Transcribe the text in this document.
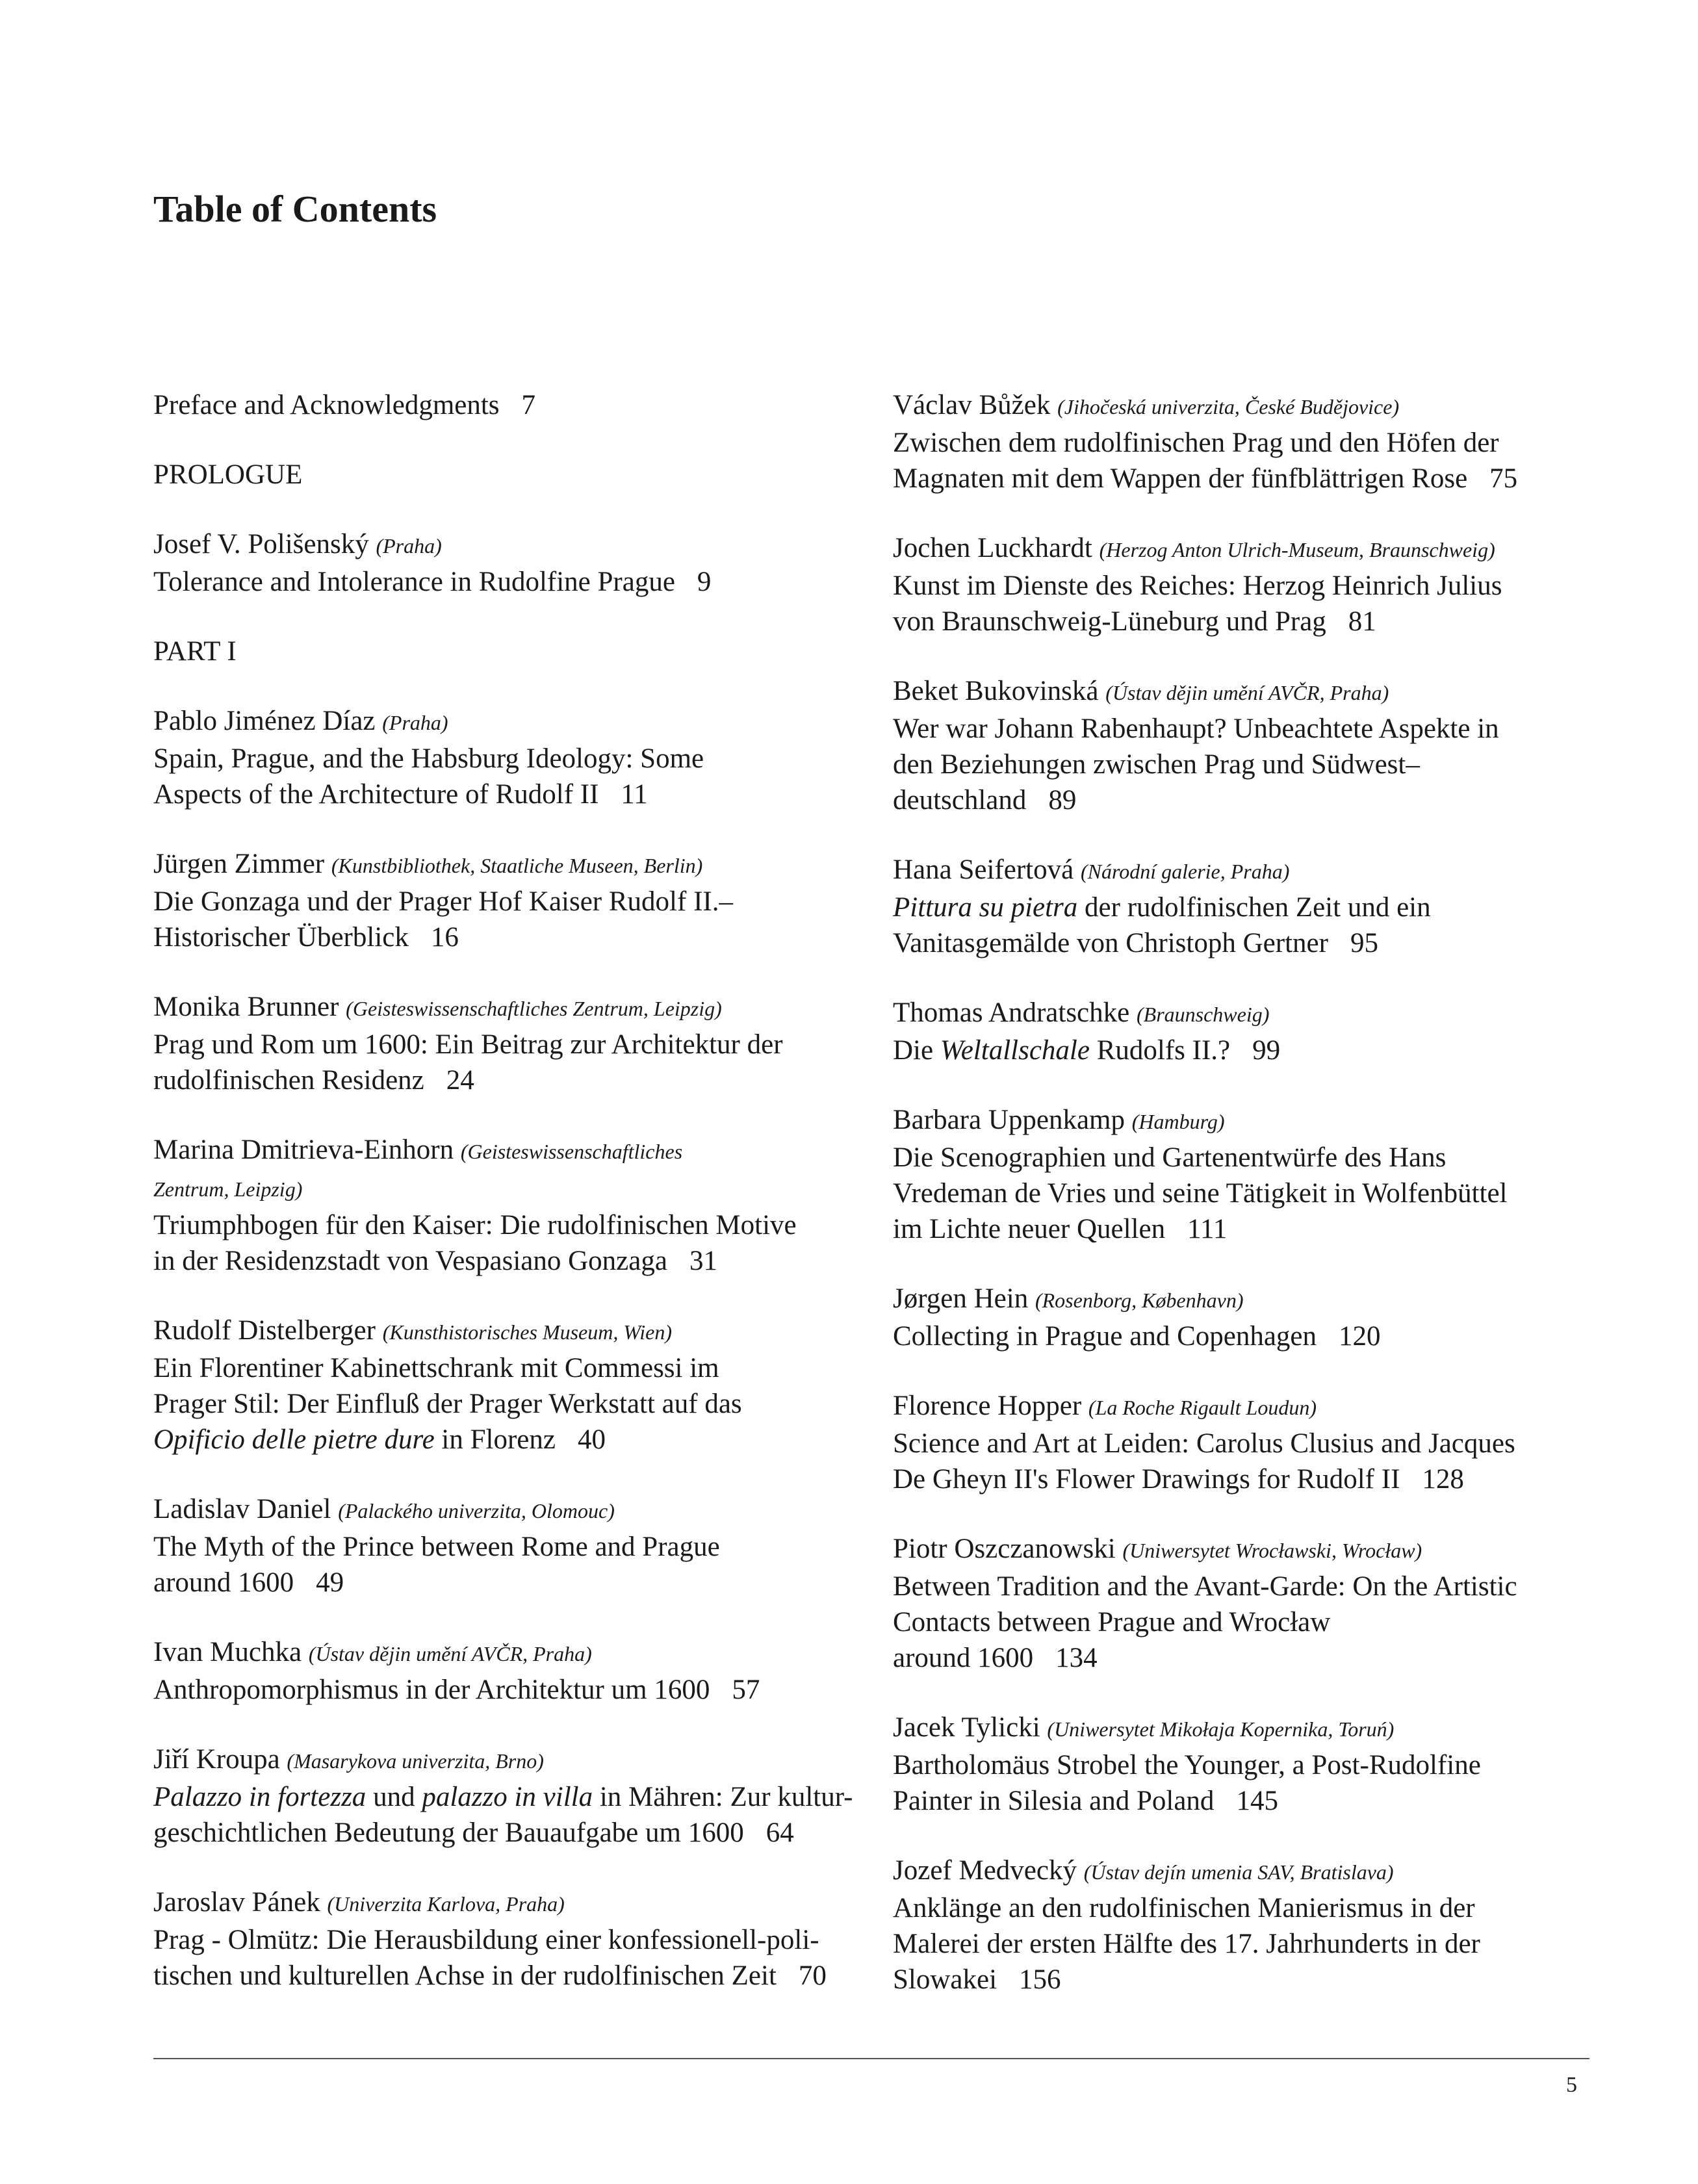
Table of Contents
Preface and Acknowledgments 7
PROLOGUE
Josef V. Polišenský (Praha)
Tolerance and Intolerance in Rudolfine Prague 9
PART I
Pablo Jiménez Díaz (Praha)
Spain, Prague, and the Habsburg Ideology: Some
Aspects of the Architecture of Rudolf II 11
Jürgen Zimmer (Kunstbibliothek, Staatliche Museen, Berlin)
Die Gonzaga und der Prager Hof Kaiser Rudolf II.–
Historischer Überblick 16
Monika Brunner (Geisteswissenschaftliches Zentrum, Leipzig)
Prag und Rom um 1600: Ein Beitrag zur Architektur der
rudolfinischen Residenz 24
Marina Dmitrieva-Einhorn (Geisteswissenschaftliches
Zentrum, Leipzig)
Triumphbogen für den Kaiser: Die rudolfinischen Motive
in der Residenzstadt von Vespasiano Gonzaga 31
Rudolf Distelberger (Kunsthistorisches Museum, Wien)
Ein Florentiner Kabinettschrank mit Commessi im
Prager Stil: Der Einfluß der Prager Werkstatt auf das
Opificio delle pietre dure in Florenz 40
Ladislav Daniel (Palackého univerzita, Olomouc)
The Myth of the Prince between Rome and Prague
around 1600 49
Ivan Muchka (Ústav dějin umění AVČR, Praha)
Anthropomorphismus in der Architektur um 1600 57
Jiří Kroupa (Masarykova univerzita, Brno)
Palazzo in fortezza und palazzo in villa in Mähren: Zur kultur-
geschichtlichen Bedeutung der Bauaufgabe um 1600 64
Jaroslav Pánek (Univerzita Karlova, Praha)
Prag - Olmütz: Die Herausbildung einer konfessionell-poli-
tischen und kulturellen Achse in der rudolfinischen Zeit 70
Václav Bůžek (Jihočeská univerzita, České Budějovice)
Zwischen dem rudolfinischen Prag und den Höfen der
Magnaten mit dem Wappen der fünfblättrigen Rose 75
Jochen Luckhardt (Herzog Anton Ulrich-Museum, Braunschweig)
Kunst im Dienste des Reiches: Herzog Heinrich Julius
von Braunschweig-Lüneburg und Prag 81
Beket Bukovinská (Ústav dějin umění AVČR, Praha)
Wer war Johann Rabenhaupt? Unbeachtete Aspekte in
den Beziehungen zwischen Prag und Südwest–
deutschland 89
Hana Seifertová (Národní galerie, Praha)
Pittura su pietra der rudolfinischen Zeit und ein
Vanitasgemälde von Christoph Gertner 95
Thomas Andratschke (Braunschweig)
Die Weltallschale Rudolfs II.? 99
Barbara Uppenkamp (Hamburg)
Die Scenographien und Gartenentwürfe des Hans
Vredeman de Vries und seine Tätigkeit in Wolfenbüttel
im Lichte neuer Quellen 111
Jørgen Hein (Rosenborg, København)
Collecting in Prague and Copenhagen 120
Florence Hopper (La Roche Rigault Loudun)
Science and Art at Leiden: Carolus Clusius and Jacques
De Gheyn II's Flower Drawings for Rudolf II 128
Piotr Oszczanowski (Uniwersytet Wrocławski, Wrocław)
Between Tradition and the Avant-Garde: On the Artistic
Contacts between Prague and Wrocław
around 1600 134
Jacek Tylicki (Uniwersytet Mikołaja Kopernika, Toruń)
Bartholomäus Strobel the Younger, a Post-Rudolfine
Painter in Silesia and Poland 145
Jozef Medvecký (Ústav dejín umenia SAV, Bratislava)
Anklänge an den rudolfinischen Manierismus in der
Malerei der ersten Hälfte des 17. Jahrhunderts in der
Slowakei 156
5
